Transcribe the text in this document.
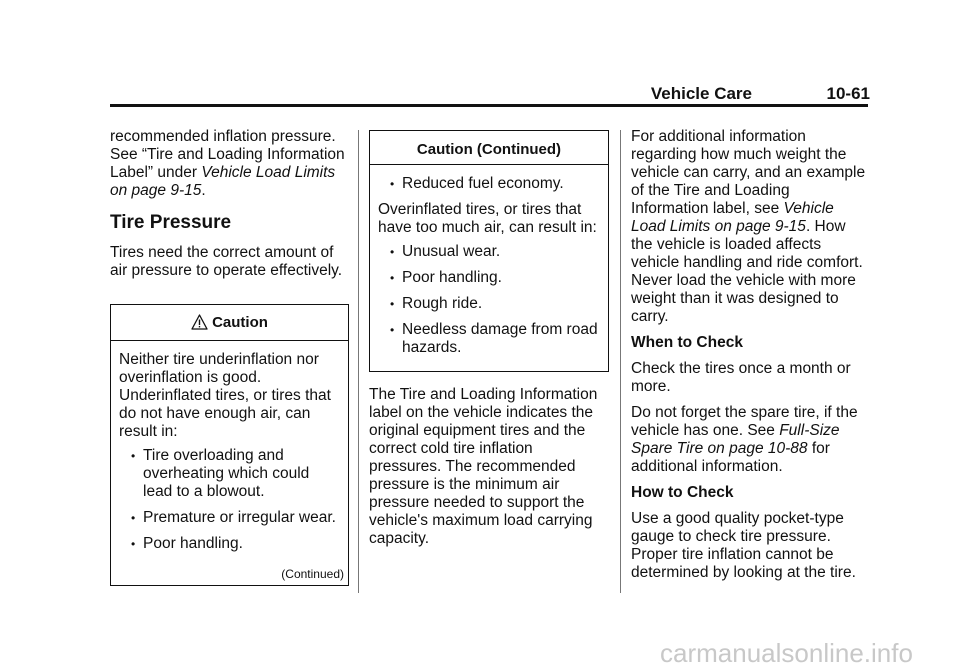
Vehicle Care	10-61

recommended inflation pressure. See “Tire and Loading Information Label” under Vehicle Load Limits on page 9-15.

Tire Pressure

Tires need the correct amount of air pressure to operate effectively.

Caution

Neither tire underinflation nor overinflation is good. Underinflated tires, or tires that do not have enough air, can result in:

• Tire overloading and overheating which could lead to a blowout.
• Premature or irregular wear.
• Poor handling.
(Continued)
Caution (Continued)
• Reduced fuel economy.

Overinflated tires, or tires that have too much air, can result in:

• Unusual wear.
• Poor handling.
• Rough ride.
• Needless damage from road hazards.

The Tire and Loading Information label on the vehicle indicates the original equipment tires and the correct cold tire inflation pressures. The recommended pressure is the minimum air pressure needed to support the vehicle's maximum load carrying capacity.

For additional information regarding how much weight the vehicle can carry, and an example of the Tire and Loading Information label, see Vehicle Load Limits on page 9-15. How the vehicle is loaded affects vehicle handling and ride comfort. Never load the vehicle with more weight than it was designed to carry.

When to Check

Check the tires once a month or more.

Do not forget the spare tire, if the vehicle has one. See Full-Size Spare Tire on page 10-88 for additional information.

How to Check

Use a good quality pocket-type gauge to check tire pressure. Proper tire inflation cannot be determined by looking at the tire.

carmanualsonline.info
